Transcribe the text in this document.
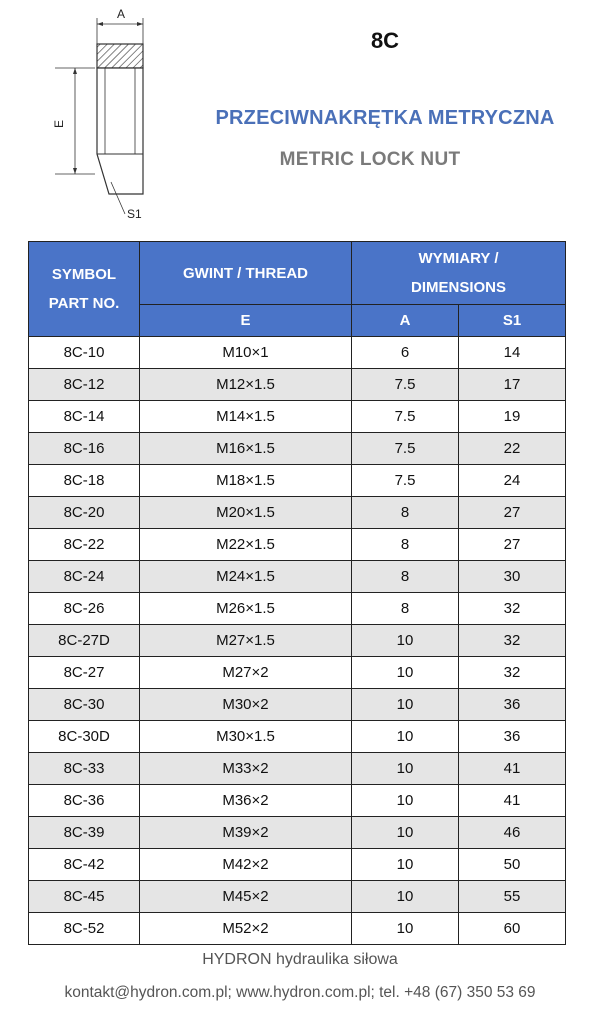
A
E
S1
8C
PRZECIWNAKRĘTKA METRYCZNA
METRIC LOCK NUT
SYMBOL PART NO.	GWINT / THREAD	WYMIARY / DIMENSIONS	
	E	A	S1
8C-10	M10×1	6	14
8C-12	M12×1.5	7.5	17
8C-14	M14×1.5	7.5	19
8C-16	M16×1.5	7.5	22
8C-18	M18×1.5	7.5	24
8C-20	M20×1.5	8	27
8C-22	M22×1.5	8	27
8C-24	M24×1.5	8	30
8C-26	M26×1.5	8	32
8C-27D	M27×1.5	10	32
8C-27	M27×2	10	32
8C-30	M30×2	10	36
8C-30D	M30×1.5	10	36
8C-33	M33×2	10	41
8C-36	M36×2	10	41
8C-39	M39×2	10	46
8C-42	M42×2	10	50
8C-45	M45×2	10	55
8C-52	M52×2	10	60
HYDRON hydraulika siłowa
kontakt@hydron.com.pl; www.hydron.com.pl; tel. +48 (67) 350 53 69
